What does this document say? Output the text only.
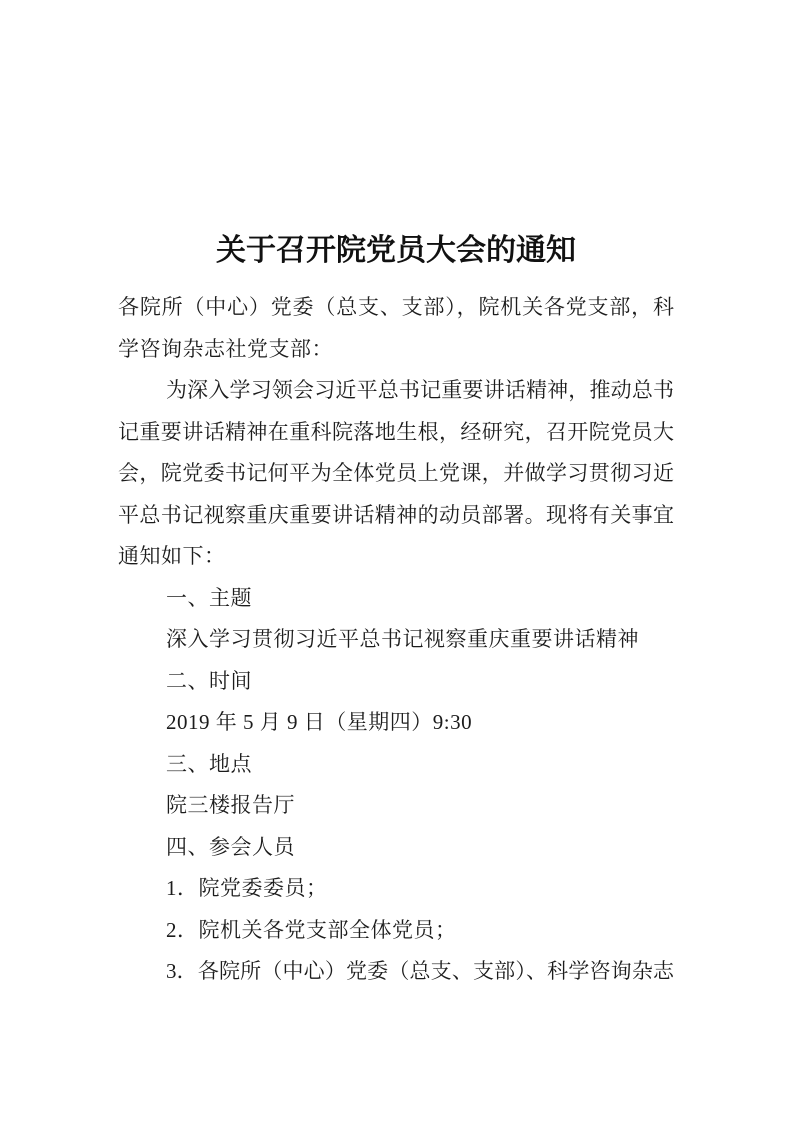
关于召开院党员大会的通知
各院所（中心）党委（总支、支部），院机关各党支部，科
学咨询杂志社党支部：
为深入学习领会习近平总书记重要讲话精神，推动总书
记重要讲话精神在重科院落地生根，经研究，召开院党员大
会，院党委书记何平为全体党员上党课，并做学习贯彻习近
平总书记视察重庆重要讲话精神的动员部署。现将有关事宜
通知如下：
一、主题
深入学习贯彻习近平总书记视察重庆重要讲话精神
二、时间
2019 年 5 月 9 日（星期四）9:30
三、地点
院三楼报告厅
四、参会人员
1．院党委委员；
2．院机关各党支部全体党员；
3．各院所（中心）党委（总支、支部）、科学咨询杂志
